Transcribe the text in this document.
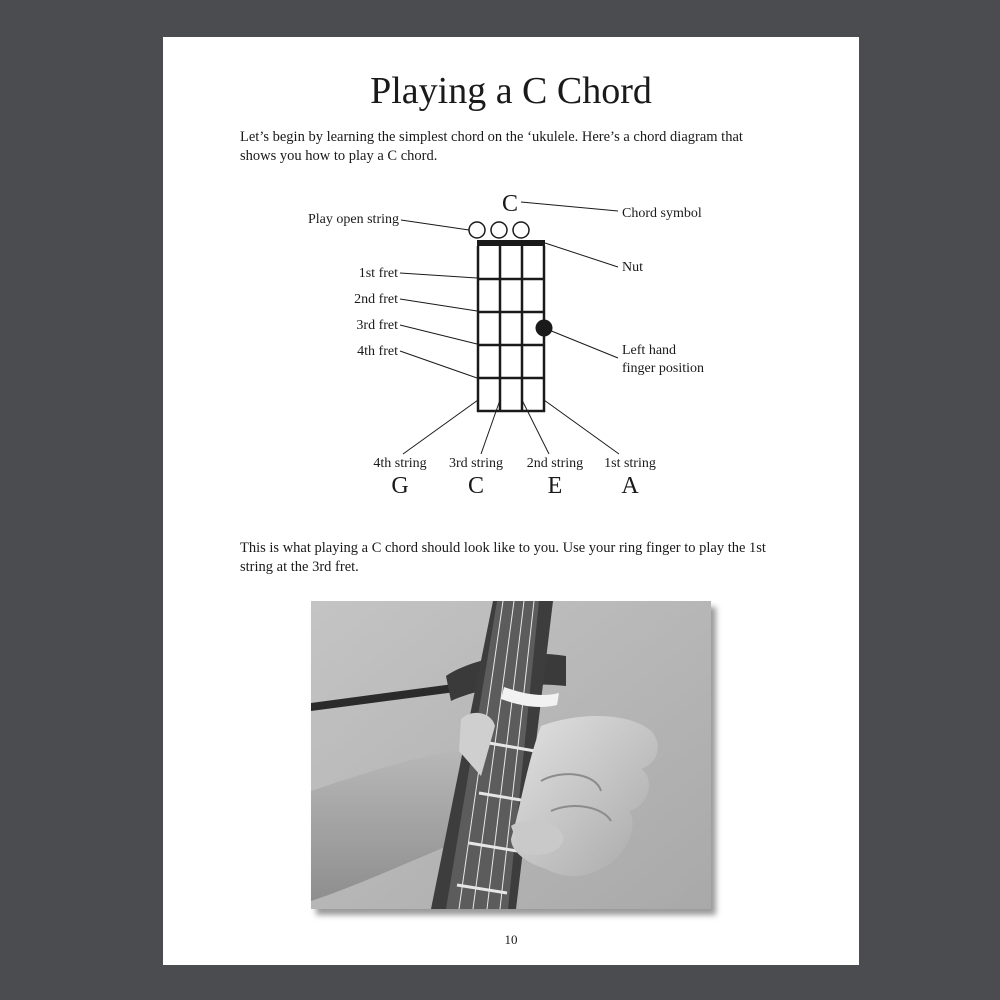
Playing a C Chord

Let’s begin by learning the simplest chord on the ‘ukulele. Here’s a chord diagram that shows you how to play a C chord.

C	Chord symbol
Play open string
Nut
1st fret
2nd fret
3rd fret
4th fret	Left hand
finger position
4th string 3rd string 2nd string 1st string
G C	E A

This is what playing a C chord should look like to you. Use your ring finger to play the 1st string at the 3rd fret.

10
